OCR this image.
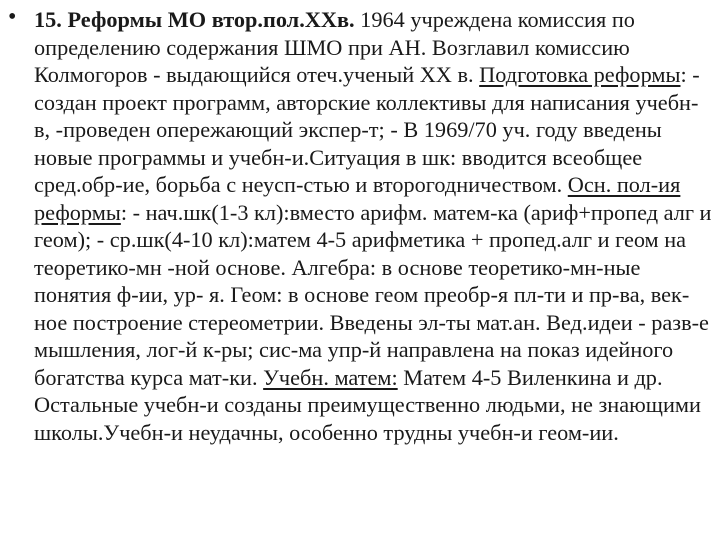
• 15. Реформы МО втор.пол.ХХв. 1964 учреждена комиссия по определению содержания ШМО при АН. Возглавил комиссию Колмогоров - выдающийся отеч.ученый ХХ в. Подготовка реформы: - создан проект программ, авторские коллективы для написания учебн-в, -проведен опережающий экспер-т; - В 1969/70 уч. году введены новые программы и учебн-и.Ситуация в шк: вводится всеобщее сред.обр-ие, борьба с неусп-стью и второгодничеством. Осн. пол-ия реформы: - нач.шк(1-3 кл):вместо арифм. матем-ка (ариф+пропед алг и геом); - ср.шк(4-10 кл):матем 4-5 арифметика + пропед.алг и геом на теоретико-мн -ной основе. Алгебра: в основе теоретико-мн-ные понятия ф-ии, ур- я. Геом: в основе геом преобр-я пл-ти и пр-ва, век-ное построение стереометрии. Введены эл-ты мат.ан. Вед.идеи - разв-е мышления, лог-й к-ры; сис-ма упр-й направлена на показ идейного богатства курса мат-ки. Учебн. матем: Матем 4-5 Виленкина и др. Остальные учебн-и созданы преимущественно людьми, не знающими школы.Учебн-и неудачны, особенно трудны учебн-и геом-ии.
